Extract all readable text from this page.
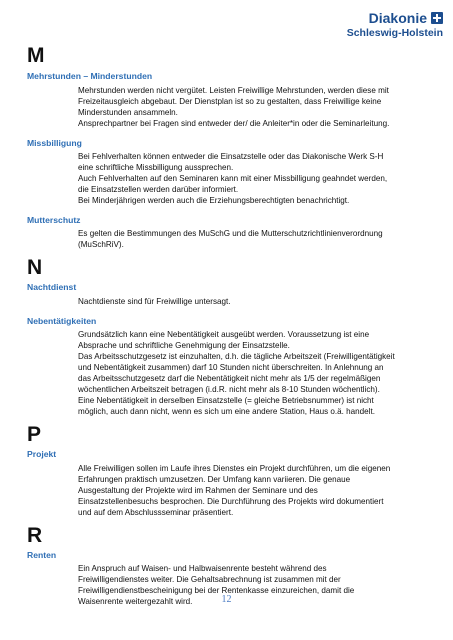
Diakonie
Schleswig-Holstein
M
Mehrstunden – Minderstunden

Mehrstunden werden nicht vergütet. Leisten Freiwillige Mehrstunden, werden diese mit
Freizeitausgleich abgebaut. Der Dienstplan ist so zu gestalten, dass Freiwillige keine
Minderstunden ansammeln.
Ansprechpartner bei Fragen sind entweder der/ die Anleiter*in oder die Seminarleitung.

Missbilligung

Bei Fehlverhalten können entweder die Einsatzstelle oder das Diakonische Werk S-H
eine schriftliche Missbilligung aussprechen.
Auch Fehlverhalten auf den Seminaren kann mit einer Missbilligung geahndet werden,
die Einsatzstellen werden darüber informiert.
Bei Minderjährigen werden auch die Erziehungsberechtigten benachrichtigt.

Mutterschutz

Es gelten die Bestimmungen des MuSchG und die Mutterschutzrichtlinienverordnung
(MuSchRiV).

N
Nachtdienst

Nachtdienste sind für Freiwillige untersagt.

Nebentätigkeiten

Grundsätzlich kann eine Nebentätigkeit ausgeübt werden. Voraussetzung ist eine
Absprache und schriftliche Genehmigung der Einsatzstelle.
Das Arbeitsschutzgesetz ist einzuhalten, d.h. die tägliche Arbeitszeit (Freiwilligentätigkeit
und Nebentätigkeit zusammen) darf 10 Stunden nicht überschreiten. In Anlehnung an
das Arbeitsschutzgesetz darf die Nebentätigkeit nicht mehr als 1/5 der regelmäßigen
wöchentlichen Arbeitszeit betragen (i.d.R. nicht mehr als 8-10 Stunden wöchentlich).
Eine Nebentätigkeit in derselben Einsatzstelle (= gleiche Betriebsnummer) ist nicht
möglich, auch dann nicht, wenn es sich um eine andere Station, Haus o.ä. handelt.

P
Projekt

Alle Freiwilligen sollen im Laufe ihres Dienstes ein Projekt durchführen, um die eigenen
Erfahrungen praktisch umzusetzen. Der Umfang kann variieren. Die genaue
Ausgestaltung der Projekte wird im Rahmen der Seminare und des
Einsatzstellenbesuchs besprochen. Die Durchführung des Projekts wird dokumentiert
und auf dem Abschlussseminar präsentiert.

R
Renten

Ein Anspruch auf Waisen- und Halbwaisenrente besteht während des
Freiwilligendienstes weiter. Die Gehaltsabrechnung ist zusammen mit der
Freiwilligendienstbescheinigung bei der Rentenkasse einzureichen, damit die
Waisenrente weitergezahlt wird.	12
